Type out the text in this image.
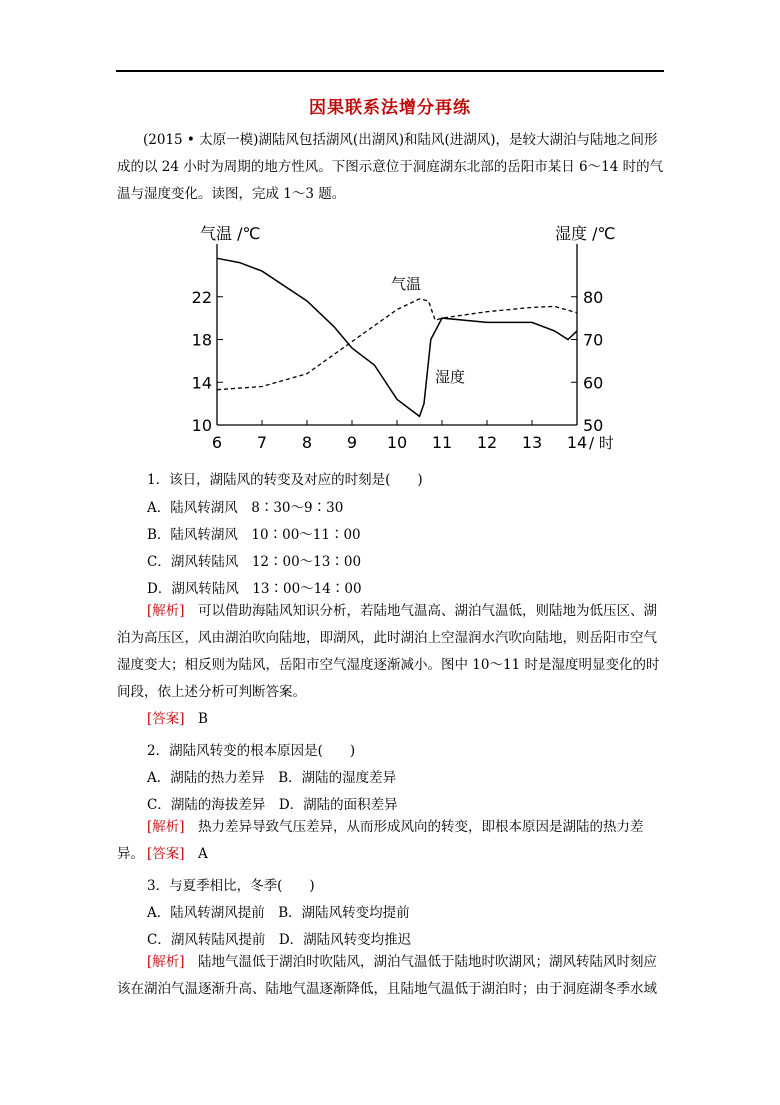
因果联系法增分再练
(2015 • 太原一模)湖陆风包括湖风(出湖风)和陆风(进湖风)，是较大湖泊与陆地之间形成的以 24 小时为周期的地方性风。下图示意位于洞庭湖东北部的岳阳市某日 6～14 时的气温与湿度变化。读图，完成 1～3 题。
气温 /℃	湿度 /℃
6 7 8 9 10 11 12 13 14
22
18
14
10
80
70
60
50
/ 时
气温
湿度
1．该日，湖陆风的转变及对应的时刻是(　　)
A．陆风转湖风　8∶30～9∶30
B．陆风转湖风　10∶00～11∶00
C．湖风转陆风　12∶00～13∶00
D．湖风转陆风　13∶00～14∶00
[解析]　 可以借助海陆风知识分析，若陆地气温高、湖泊气温低，则陆地为低压区、湖泊为高压区，风由湖泊吹向陆地，即湖风，此时湖泊上空湿润水汽吹向陆地，则岳阳市空气湿度变大；相反则为陆风，岳阳市空气湿度逐渐减小。图中 10～11 时是湿度明显变化的时间段，依上述分析可判断答案。
[答案]　 B
2．湖陆风转变的根本原因是(　　)
A．湖陆的热力差异　B．湖陆的湿度差异
C．湖陆的海拔差异　D．湖陆的面积差异
[解析]　 热力差异导致气压差异，从而形成风向的转变，即根本原因是湖陆的热力差异。 [答案]　 A
3．与夏季相比，冬季(　　)
A．陆风转湖风提前　B．湖陆风转变均提前
C．湖风转陆风提前　D．湖陆风转变均推迟
[解析]　 陆地气温低于湖泊时吹陆风，湖泊气温低于陆地时吹湖风；湖风转陆风时刻应该在湖泊气温逐渐升高、陆地气温逐渐降低，且陆地气温低于湖泊时；由于洞庭湖冬季水域
